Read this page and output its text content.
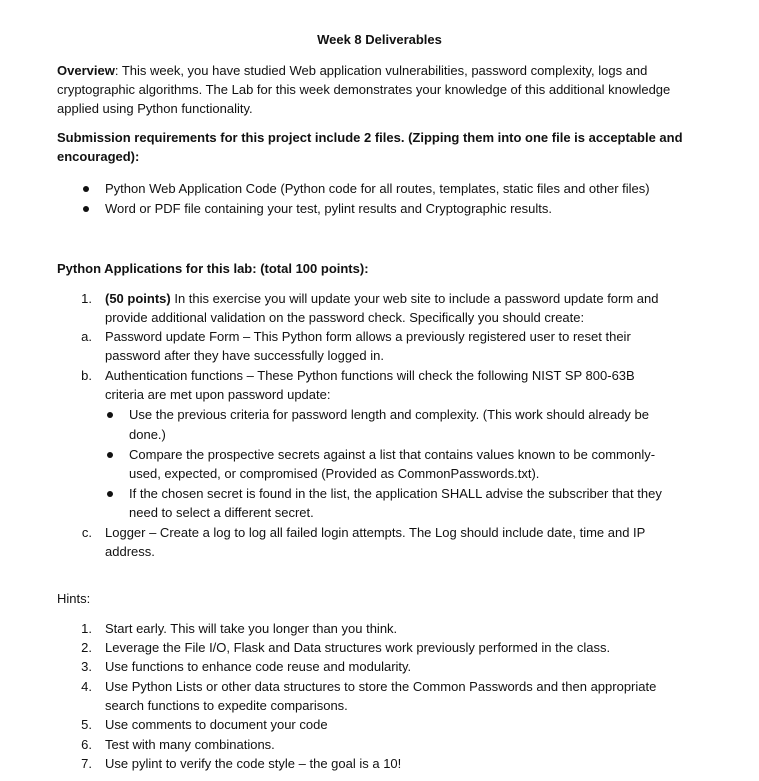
Week 8 Deliverables
Overview: This week, you have studied Web application vulnerabilities, password complexity, logs and cryptographic algorithms. The Lab for this week demonstrates your knowledge of this additional knowledge applied using Python functionality.
Submission requirements for this project include 2 files. (Zipping them into one file is acceptable and encouraged):
Python Web Application Code (Python code for all routes, templates, static files and other files)
Word or PDF file containing your test, pylint results and Cryptographic results.
Python Applications for this lab: (total 100 points):
1. (50 points) In this exercise you will update your web site to include a password update form and
provide additional validation on the password check. Specifically you should create:
a. Password update Form – This Python form allows a previously registered user to reset their
password after they have successfully logged in.
b. Authentication functions – These Python functions will check the following NIST SP 800-63B
criteria are met upon password update:
Use the previous criteria for password length and complexity. (This work should already be
done.)
Compare the prospective secrets against a list that contains values known to be commonly-
used, expected, or compromised (Provided as CommonPasswords.txt).
If the chosen secret is found in the list, the application SHALL advise the subscriber that they
need to select a different secret.
c. Logger – Create a log to log all failed login attempts. The Log should include date, time and IP
address.
Hints:
1. Start early. This will take you longer than you think.
2. Leverage the File I/O, Flask and Data structures work previously performed in the class.
3. Use functions to enhance code reuse and modularity.
4. Use Python Lists or other data structures to store the Common Passwords and then appropriate
search functions to expedite comparisons.
5. Use comments to document your code
6. Test with many combinations.
7. Use pylint to verify the code style – the goal is a 10!
